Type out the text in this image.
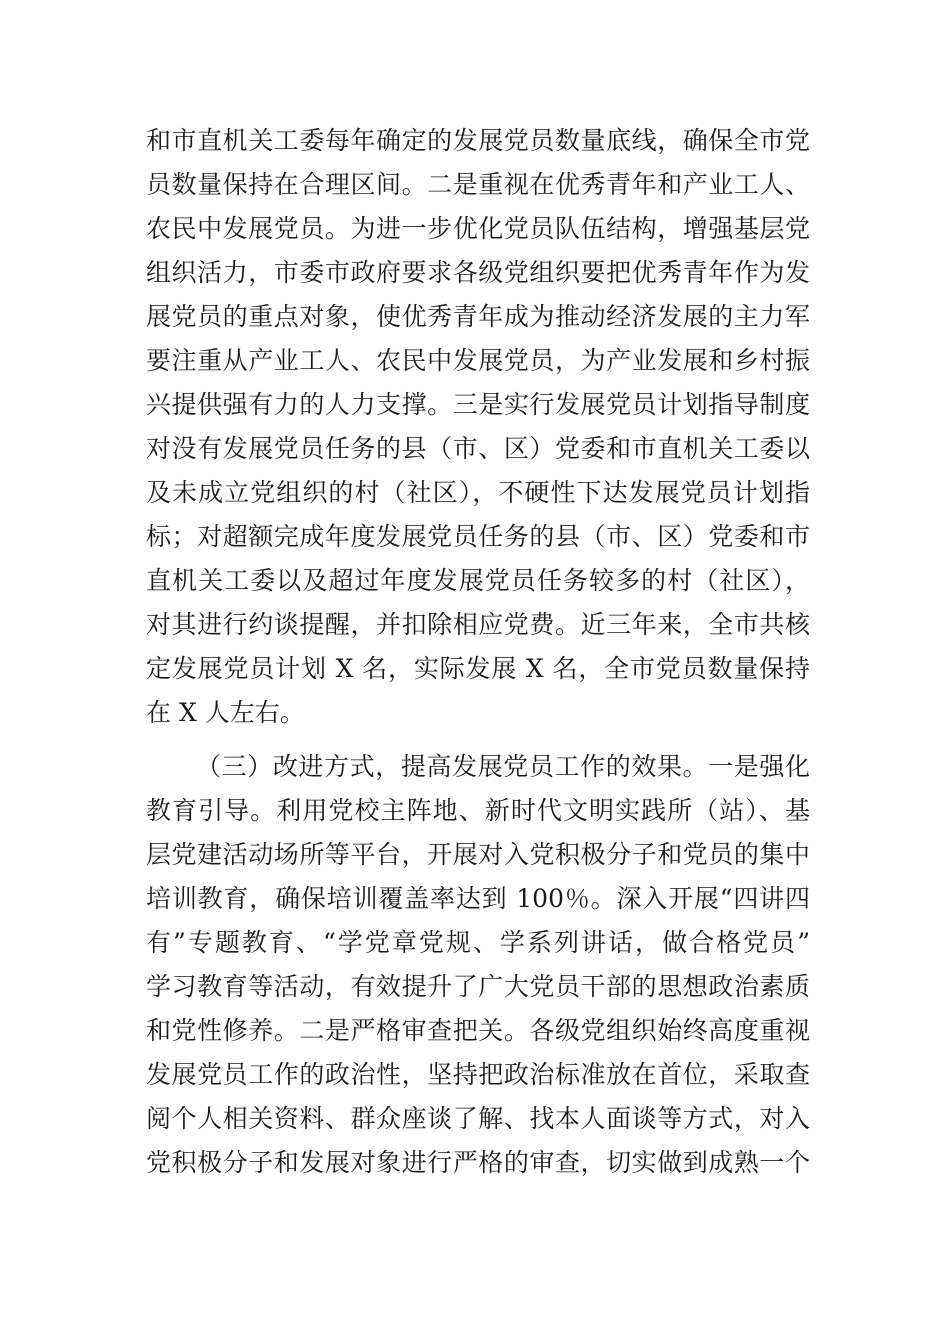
和市直机关工委每年确定的发展党员数量底线，确保全市党
员数量保持在合理区间。二是重视在优秀青年和产业工人、
农民中发展党员。为进一步优化党员队伍结构，增强基层党
组织活力，市委市政府要求各级党组织要把优秀青年作为发
展党员的重点对象，使优秀青年成为推动经济发展的主力军
要注重从产业工人、农民中发展党员，为产业发展和乡村振
兴提供强有力的人力支撑。三是实行发展党员计划指导制度
对没有发展党员任务的县（市、区）党委和市直机关工委以
及未成立党组织的村（社区），不硬性下达发展党员计划指
标；对超额完成年度发展党员任务的县（市、区）党委和市
直机关工委以及超过年度发展党员任务较多的村（社区），
对其进行约谈提醒，并扣除相应党费。近三年来，全市共核
定发展党员计划 X 名，实际发展 X 名，全市党员数量保持
在 X 人左右。
（三）改进方式，提高发展党员工作的效果。一是强化
教育引导。利用党校主阵地、新时代文明实践所（站）、基
层党建活动场所等平台，开展对入党积极分子和党员的集中
培训教育，确保培训覆盖率达到 100％。深入开展“四讲四
有”专题教育、“学党章党规、学系列讲话，做合格党员”
学习教育等活动，有效提升了广大党员干部的思想政治素质
和党性修养。二是严格审查把关。各级党组织始终高度重视
发展党员工作的政治性，坚持把政治标准放在首位，采取查
阅个人相关资料、群众座谈了解、找本人面谈等方式，对入
党积极分子和发展对象进行严格的审查，切实做到成熟一个
